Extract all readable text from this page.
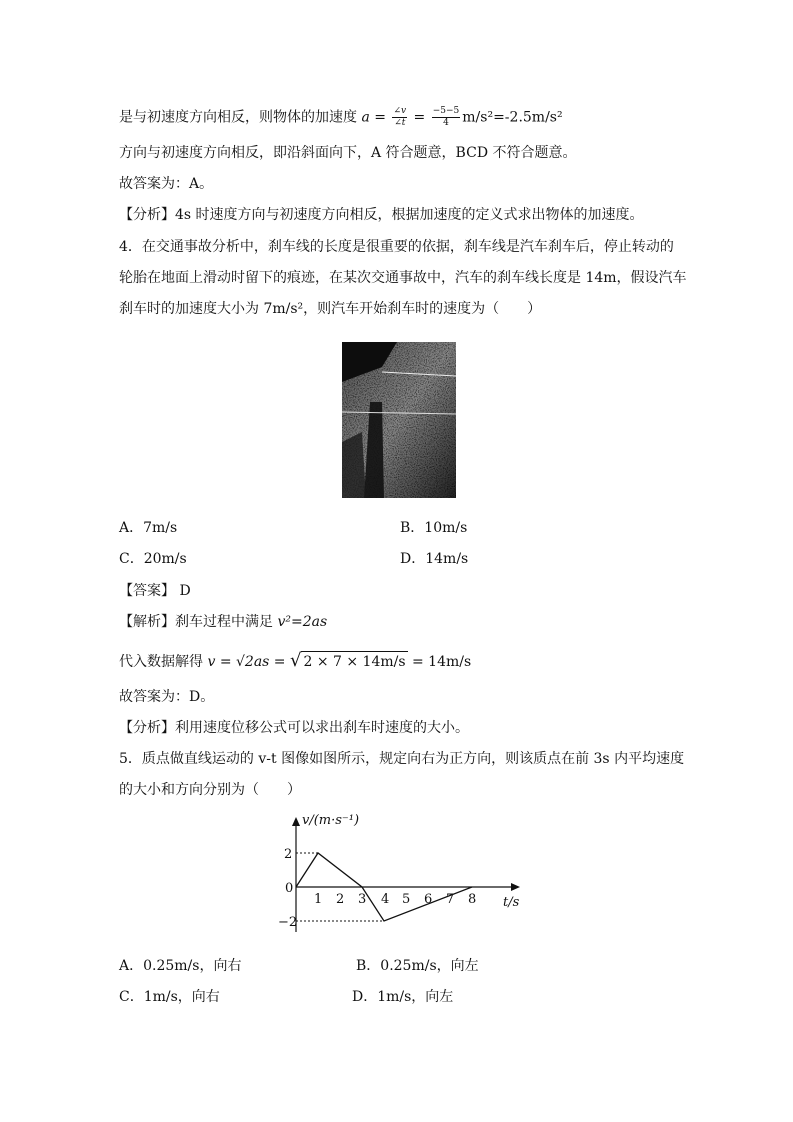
是与初速度方向相反，则物体的加速度 $a = \frac{\angle v}{\angle t} = \frac{-5-5}{4} m/s^2=-2.5m/s^2$
方向与初速度方向相反，即沿斜面向下，A 符合题意，BCD 不符合题意。
故答案为：A。
【分析】4s 时速度方向与初速度方向相反，根据加速度的定义式求出物体的加速度。
4．在交通事故分析中，刹车线的长度是很重要的依据，刹车线是汽车刹车后，停止转动的
轮胎在地面上滑动时留下的痕迹，在某次交通事故中，汽车的刹车线长度是 14m，假设汽车
刹车时的加速度大小为 7m/s²，则汽车开始刹车时的速度为（　　）
A．7m/s	B．10m/s
C．20m/s	D．14m/s
【答案】 D
【解析】刹车过程中满足 v²=2as
代入数据解得 v = √2as = √ 2 × 7 × 14m/s = 14m/s
故答案为：D。
【分析】利用速度位移公式可以求出刹车时速度的大小。
5．质点做直线运动的 v-t 图像如图所示，规定向右为正方向，则该质点在前 3s 内平均速度
的大小和方向分别为（　　）
v/(m·s⁻¹)
t/s
2
0
−2
1 2 3 4 5 6 7 8
A．0.25m/s，向右	B．0.25m/s，向左
C．1m/s，向右	D．1m/s，向左
